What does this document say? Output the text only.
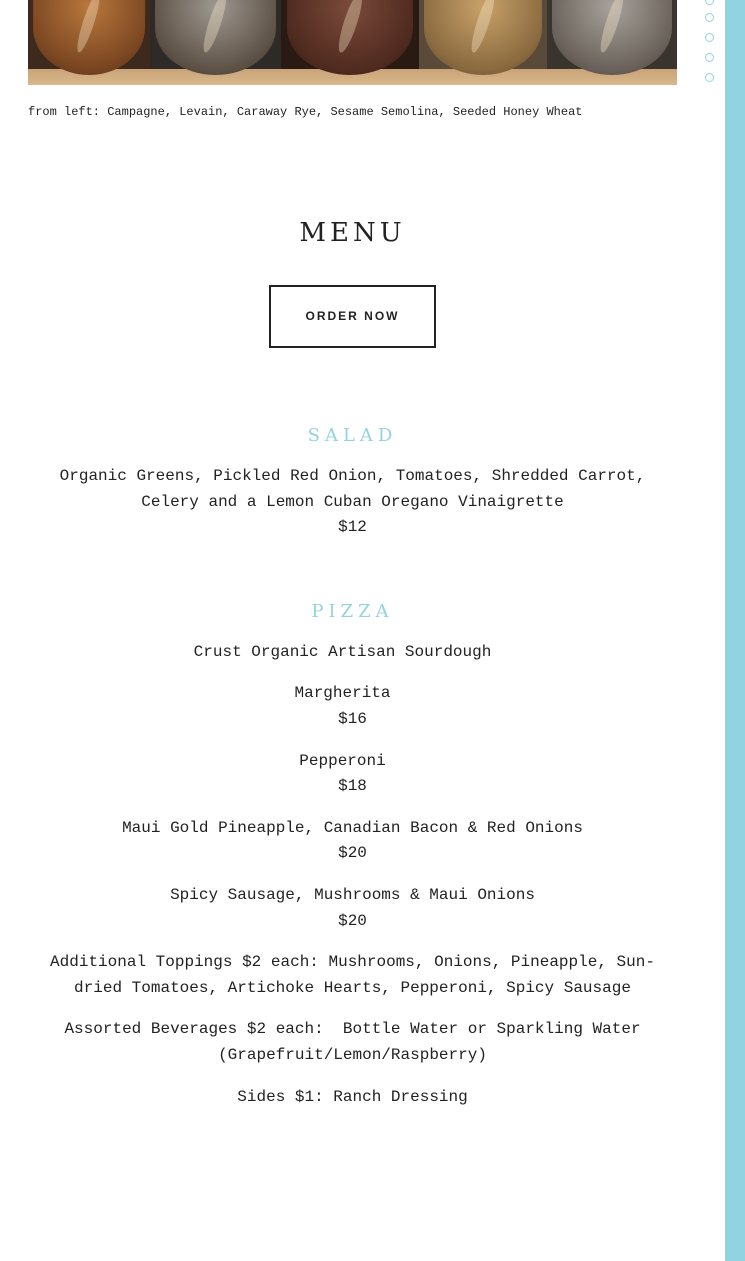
from left: Campagne, Levain, Caraway Rye, Sesame Semolina, Seeded Honey Wheat
MENU
ORDER NOW
SALAD
Organic Greens, Pickled Red Onion, Tomatoes, Shredded Carrot,
Celery and a Lemon Cuban Oregano Vinaigrette
$12
PIZZA
Crust Organic Artisan Sourdough
Margherita
$16
Pepperoni
$18
Maui Gold Pineapple, Canadian Bacon & Red Onions
$20
Spicy Sausage, Mushrooms & Maui Onions
$20
Additional Toppings $2 each: Mushrooms, Onions, Pineapple, Sun-
dried Tomatoes, Artichoke Hearts, Pepperoni, Spicy Sausage
Assorted Beverages $2 each:  Bottle Water or Sparkling Water
(Grapefruit/Lemon/Raspberry)
Sides $1: Ranch Dressing
